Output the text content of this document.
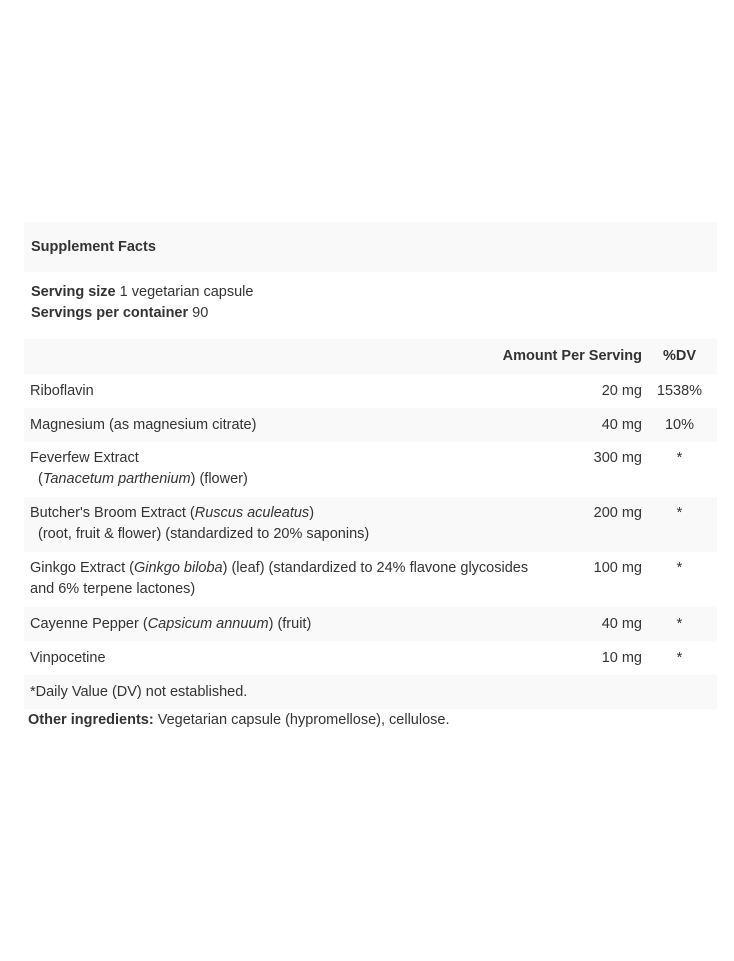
Supplement Facts
Serving size 1 vegetarian capsule
Servings per container 90
Amount Per Serving	%DV
Riboflavin	20 mg	1538%
Magnesium (as magnesium citrate)	40 mg	10%
Feverfew Extract
(Tanacetum parthenium) (flower)
300 mg	*
Butcher's Broom Extract (Ruscus aculeatus)
(root, fruit & flower) (standardized to 20% saponins)
200 mg	*
Ginkgo Extract (Ginkgo biloba) (leaf) (standardized to 24% flavone glycosides
and 6% terpene lactones)
100 mg	*
Cayenne Pepper (Capsicum annuum) (fruit)	40 mg	*
Vinpocetine	10 mg	*
*Daily Value (DV) not established.
Other ingredients: Vegetarian capsule (hypromellose), cellulose.
